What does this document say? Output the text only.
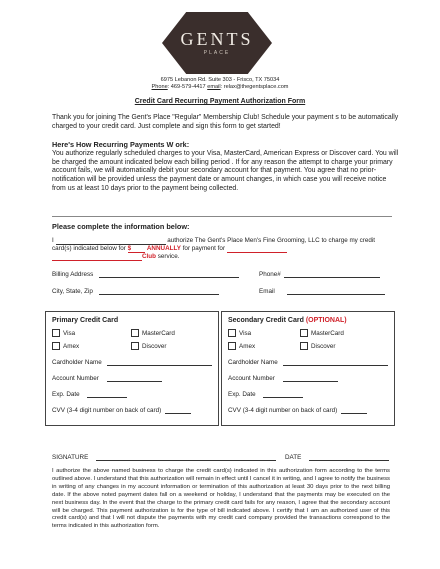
GENTS
PLACE
6975 Lebanon Rd. Suite 303 - Frisco, TX 75034
Phone: 469-579-4417 email: relax@thegentsplace.com
Credit Card Recurring Payment Authorization Form
Thank you for joining The Gent's Place "Regular" Membership Club! Schedule your payment s to be automatically charged to your credit card. Just complete and sign this form to get started!
Here's How Recurring Payments W ork:
You authorize regularly scheduled charges to your Visa, MasterCard, American Express or Discover card. You will be charged the amount indicated below each billing period . If for any reason the attempt to charge your primary account fails, we will automatically debit your secondary account for that payment. You agree that no prior-notification will be provided unless the payment date or amount changes, in which case you will receive notice from us at least 10 days prior to the payment being collected.
Please complete the information below:
I	authorize The Gent's Place Men's Fine Grooming, LLC to charge my credit
card(s) indicated below for $	ANNUALLY for payment for
Club service.
Billing Address	Phone#
City, State, Zip	Email
Primary Credit Card
Visa	MasterCard
Amex	Discover
Cardholder Name
Account Number
Exp. Date
CVV (3-4 digit number on back of card)
Secondary Credit Card (OPTIONAL)
Visa	MasterCard
Amex	Discover
Cardholder Name
Account Number
Exp. Date
CVV (3-4 digit number on back of card)
SIGNATURE	DATE
I authorize the above named business to charge the credit card(s) indicated in this authorization form according to the terms outlined above. I understand that this authorization will remain in effect until I cancel it in writing, and I agree to notify the business in writing of any changes in my account information or termination of this authorization at least 30 days prior to the next billing date. If the above noted payment dates fall on a weekend or holiday, I understand that the payments may be executed on the next business day. In the event that the charge to the primary credit card fails for any reason, I agree that the secondary account will be charged. This payment authorization is for the type of bill indicated above. I certify that I am an authorized user of this credit card(s) and that I will not dispute the payments with my credit card company provided the transactions correspond to the terms indicated in this authorization form.
